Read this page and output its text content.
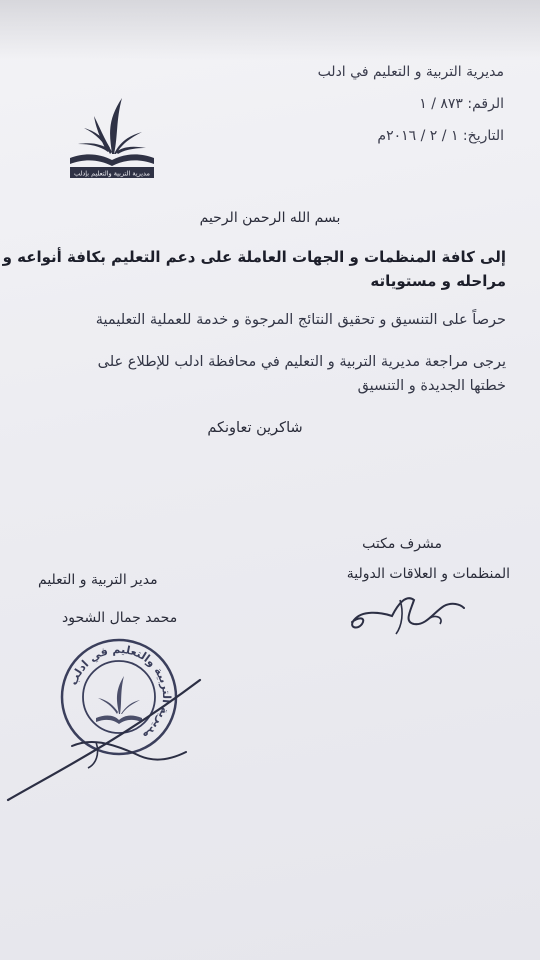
مديرية التربية و التعليم في ادلب
الرقم: ٨٧٣ / ١
التاريخ: ١ / ٢ / ٢٠١٦م
مديرية التربية والتعليم بإدلب
بسم الله الرحمن الرحيم
إلى كافة المنظمات و الجهات العاملة على دعم التعليم بكافة أنواعه و
مراحله و مستوياته
حرصاً على التنسيق و تحقيق النتائج المرجوة و خدمة للعملية التعليمية
يرجى مراجعة مديرية التربية و التعليم في محافظة ادلب للإطلاع على
خطتها الجديدة و التنسيق
شاكرين تعاونكم
مشرف مكتب
المنظمات و العلاقات الدولية
مدير التربية و التعليم
محمد جمال الشحود
مديرية التربية والتعليم في ادلب
